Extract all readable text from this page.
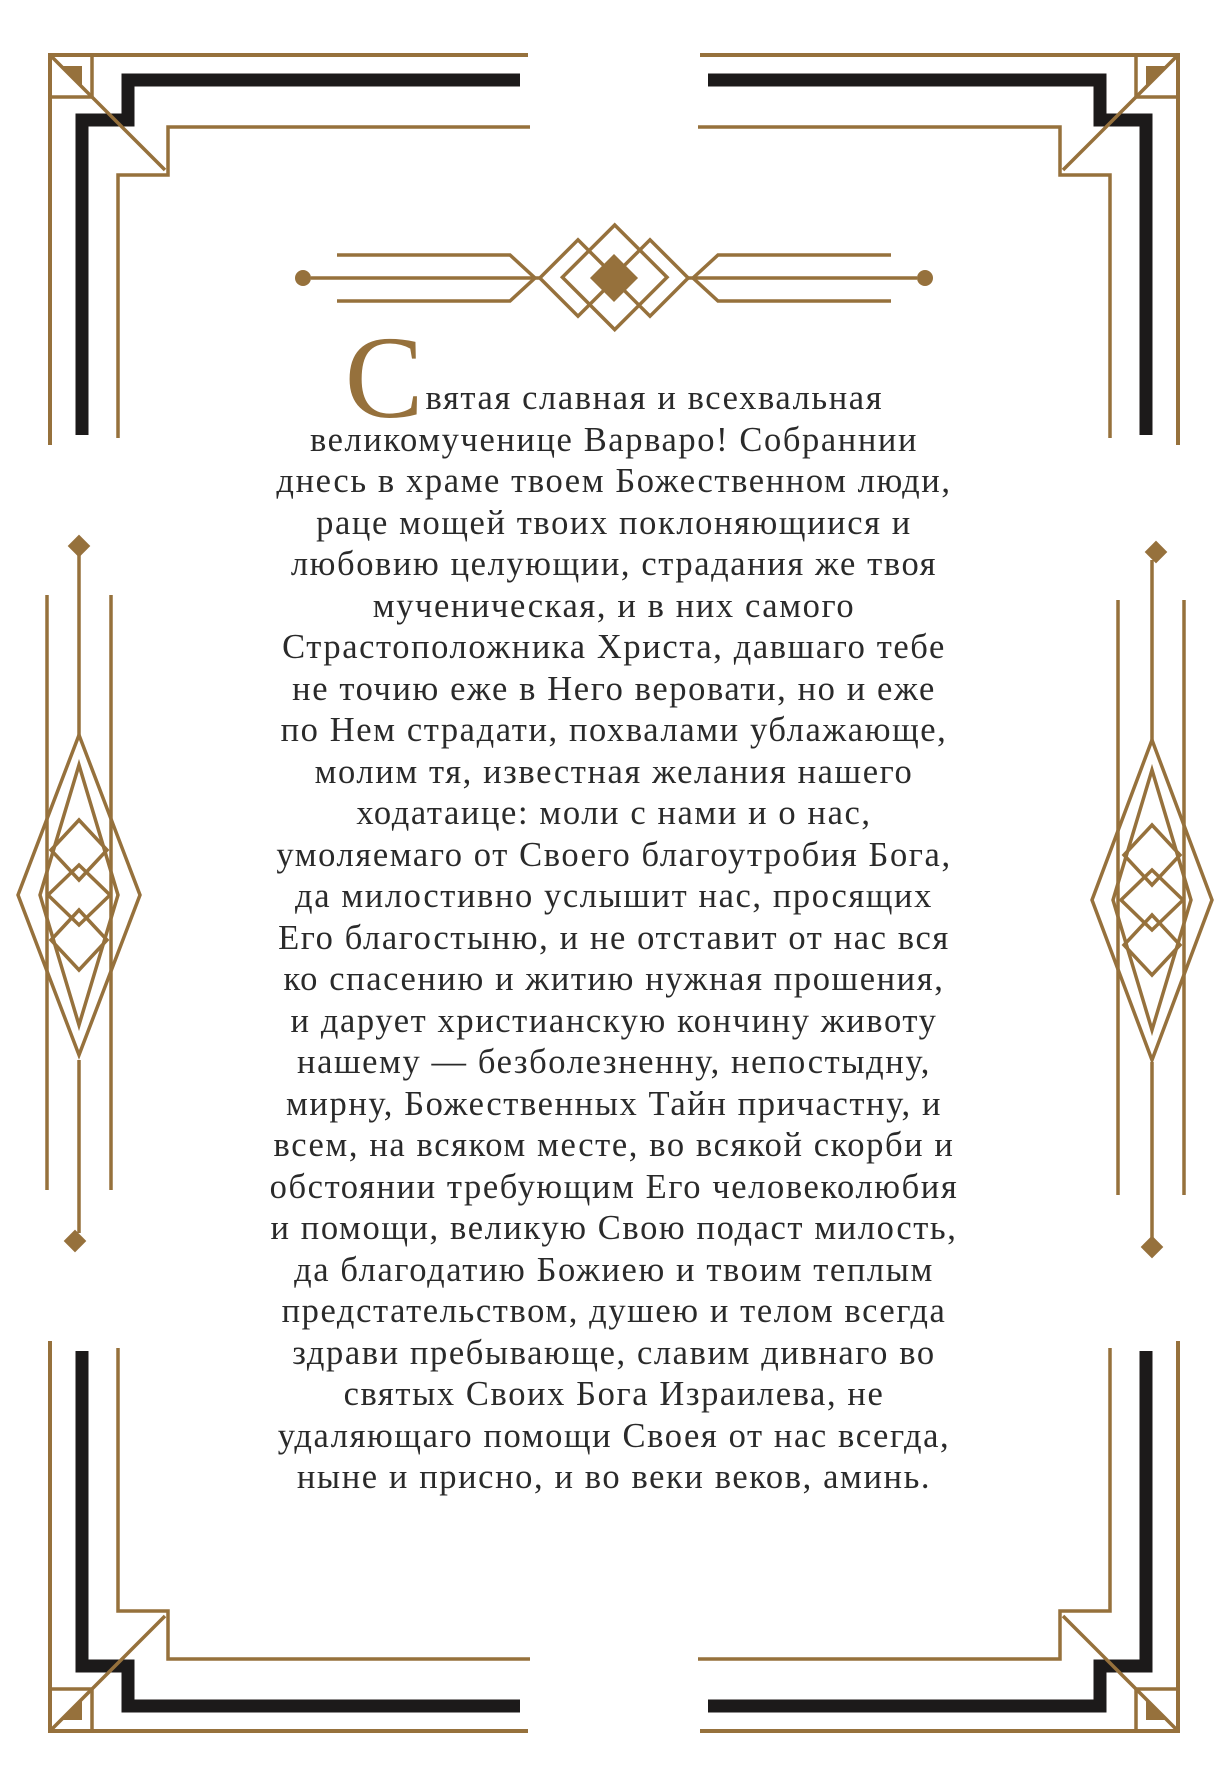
Святая славная и всехвальная
великомученице Варваро! Собраннии
днесь в храме твоем Божественном люди,
раце мощей твоих поклоняющиися и
любовию целующии, страдания же твоя
мученическая, и в них самого
Страстоположника Христа, давшаго тебе
не точию еже в Него веровати, но и еже
по Нем страдати, похвалами ублажающе,
молим тя, известная желания нашего
ходатаице: моли с нами и о нас,
умоляемаго от Своего благоутробия Бога,
да милостивно услышит нас, просящих
Его благостыню, и не отставит от нас вся
ко спасению и житию нужная прошения,
и дарует христианскую кончину животу
нашему — безболезненну, непостыдну,
мирну, Божественных Тайн причастну, и
всем, на всяком месте, во всякой скорби и
обстоянии требующим Его человеколюбия
и помощи, великую Свою подаст милость,
да благодатию Божиею и твоим теплым
предстательством, душею и телом всегда
здрави пребывающе, славим дивнаго во
святых Своих Бога Израилева, не
удаляющаго помощи Своея от нас всегда,
ныне и присно, и во веки веков, аминь.
